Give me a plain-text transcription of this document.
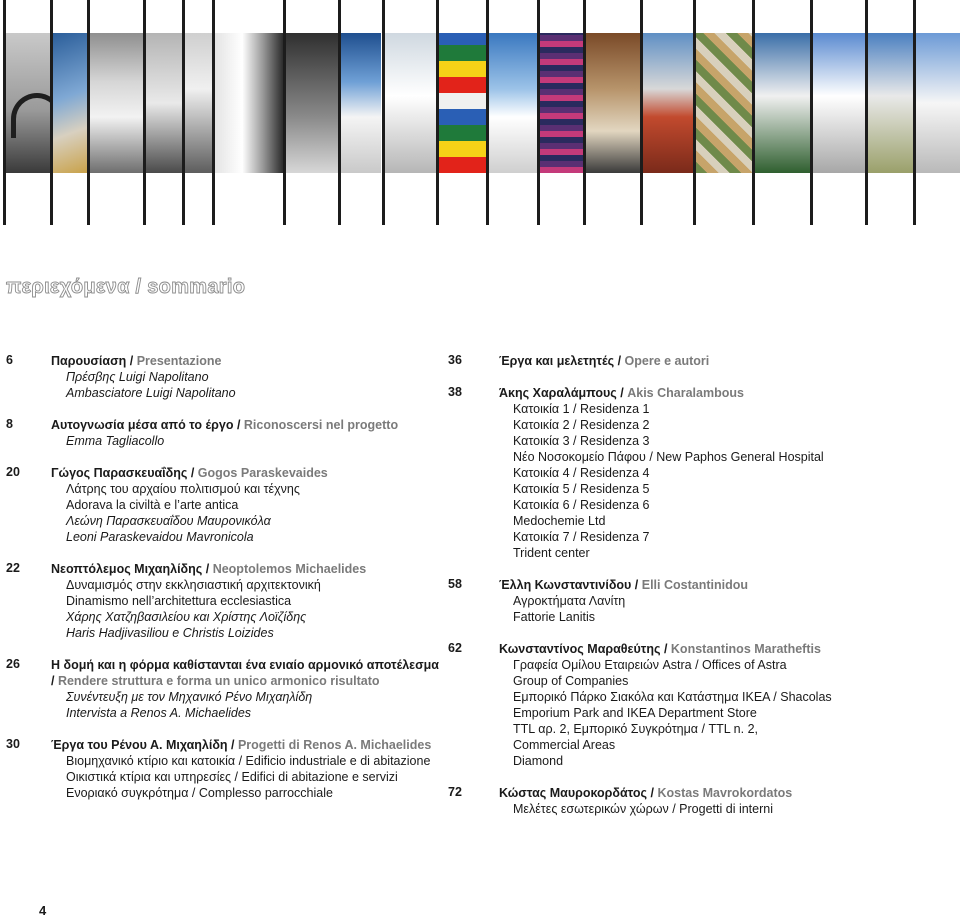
περιεχόμενα / sommario
6	Παρουσίαση / Presentazione
Πρέσβης Luigi Napolitano
Ambasciatore Luigi Napolitano
8	Αυτογνωσία μέσα από το έργο / Riconoscersi nel progetto
Emma Tagliacollo
20 Γώγος Παρασκευαΐδης / Gogos Paraskevaides
Λάτρης του αρχαίου πολιτισμού και τέχνης
Adorava la civiltà e l’arte antica
Λεώνη Παρασκευαΐδου Μαυρονικόλα
Leoni Paraskevaidou Mavronicola
22 Νεοπτόλεμος Μιχαηλίδης / Neoptolemos Michaelides
Δυναμισμός στην εκκλησιαστική αρχιτεκτονική
Dinamismo nell’architettura ecclesiastica
Χάρης Χατζηβασιλείου και Χρίστης Λοϊζίδης
Haris Hadjivasiliou e Christis Loizides
26 Η δομή και η φόρμα καθίστανται ένα ενιαίο αρμονικό αποτέλεσμα / Rendere struttura e forma un unico armonico risultato
Συνέντευξη με τον Μηχανικό Ρένο Μιχαηλίδη
Intervista a Renos A. Michaelides
30 Έργα του Ρένου Α. Μιχαηλίδη / Progetti di Renos A. Michaelides
Βιομηχανικό κτίριο και κατοικία / Edificio industriale e di abitazione
Οικιστικά κτίρια και υπηρεσίες / Edifici di abitazione e servizi
Ενοριακό συγκρότημα / Complesso parrocchiale
36	Έργα και μελετητές / Opere e autori
38	Άκης Χαραλάμπους / Akis Charalambous
Κατοικία 1 / Residenza 1
Κατοικία 2 / Residenza 2
Κατοικία 3 / Residenza 3
Νέο Νοσοκομείο Πάφου / New Paphos General Hospital
Κατοικία 4 / Residenza 4
Κατοικία 5 / Residenza 5
Κατοικία 6 / Residenza 6
Medochemie Ltd
Κατοικία 7 / Residenza 7
Trident center
58	Έλλη Κωνσταντινίδου / Elli Costantinidou
Αγροκτήματα Λανίτη
Fattorie Lanitis
62	Κωνσταντίνος Μαραθεύτης / Konstantinos Maratheftis
Γραφεία Ομίλου Εταιρειών Astra / Offices of Astra
Group of Companies
Εμπορικό Πάρκο Σιακόλα και Κατάστημα IKEA / Shacolas
Emporium Park and IKEA Department Store
TTL αρ. 2, Εμπορικό Συγκρότημα / TTL n. 2,
Commercial Areas
Diamond
72	Κώστας Μαυροκορδάτος / Kostas Mavrokordatos
Μελέτες εσωτερικών χώρων / Progetti di interni
4
